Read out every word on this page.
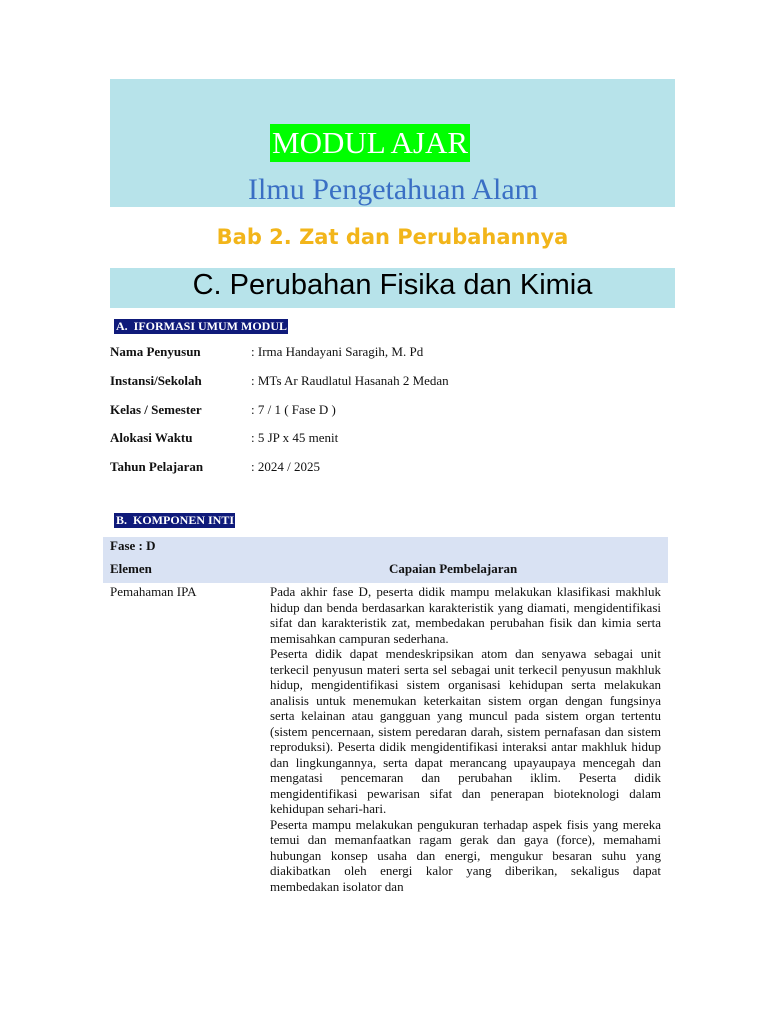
MODUL AJAR
Ilmu Pengetahuan Alam
Bab 2. Zat dan Perubahannya
C. Perubahan Fisika dan Kimia
A.  IFORMASI UMUM MODUL
Nama Penyusun	: Irma Handayani Saragih, M. Pd
Instansi/Sekolah	: MTs Ar Raudlatul Hasanah 2 Medan
Kelas / Semester	: 7 / 1 ( Fase D )
Alokasi Waktu	: 5 JP x 45 menit
Tahun Pelajaran	: 2024 / 2025
B.  KOMPONEN INTI
Fase : D
Elemen	Capaian Pembelajaran
Pemahaman IPA	Pada akhir fase D, peserta didik mampu melakukan klasifikasi makhluk hidup dan benda berdasarkan karakteristik yang diamati, mengidentifikasi sifat dan karakteristik zat, membedakan perubahan fisik dan kimia serta memisahkan campuran sederhana.

Peserta didik dapat mendeskripsikan atom dan senyawa sebagai unit terkecil penyusun materi serta sel sebagai unit terkecil penyusun makhluk hidup, mengidentifikasi sistem organisasi kehidupan serta melakukan analisis untuk menemukan keterkaitan sistem organ dengan fungsinya serta kelainan atau gangguan yang muncul pada sistem organ tertentu (sistem pencernaan, sistem peredaran darah, sistem pernafasan dan sistem reproduksi). Peserta didik mengidentifikasi interaksi antar makhluk hidup dan lingkungannya, serta dapat merancang upayaupaya mencegah dan mengatasi pencemaran dan perubahan iklim. Peserta didik mengidentifikasi pewarisan sifat dan penerapan bioteknologi dalam kehidupan sehari-hari.

Peserta mampu melakukan pengukuran terhadap aspek fisis yang mereka temui dan memanfaatkan ragam gerak dan gaya (force), memahami hubungan konsep usaha dan energi, mengukur besaran suhu yang diakibatkan oleh energi kalor yang diberikan, sekaligus dapat membedakan isolator dan
